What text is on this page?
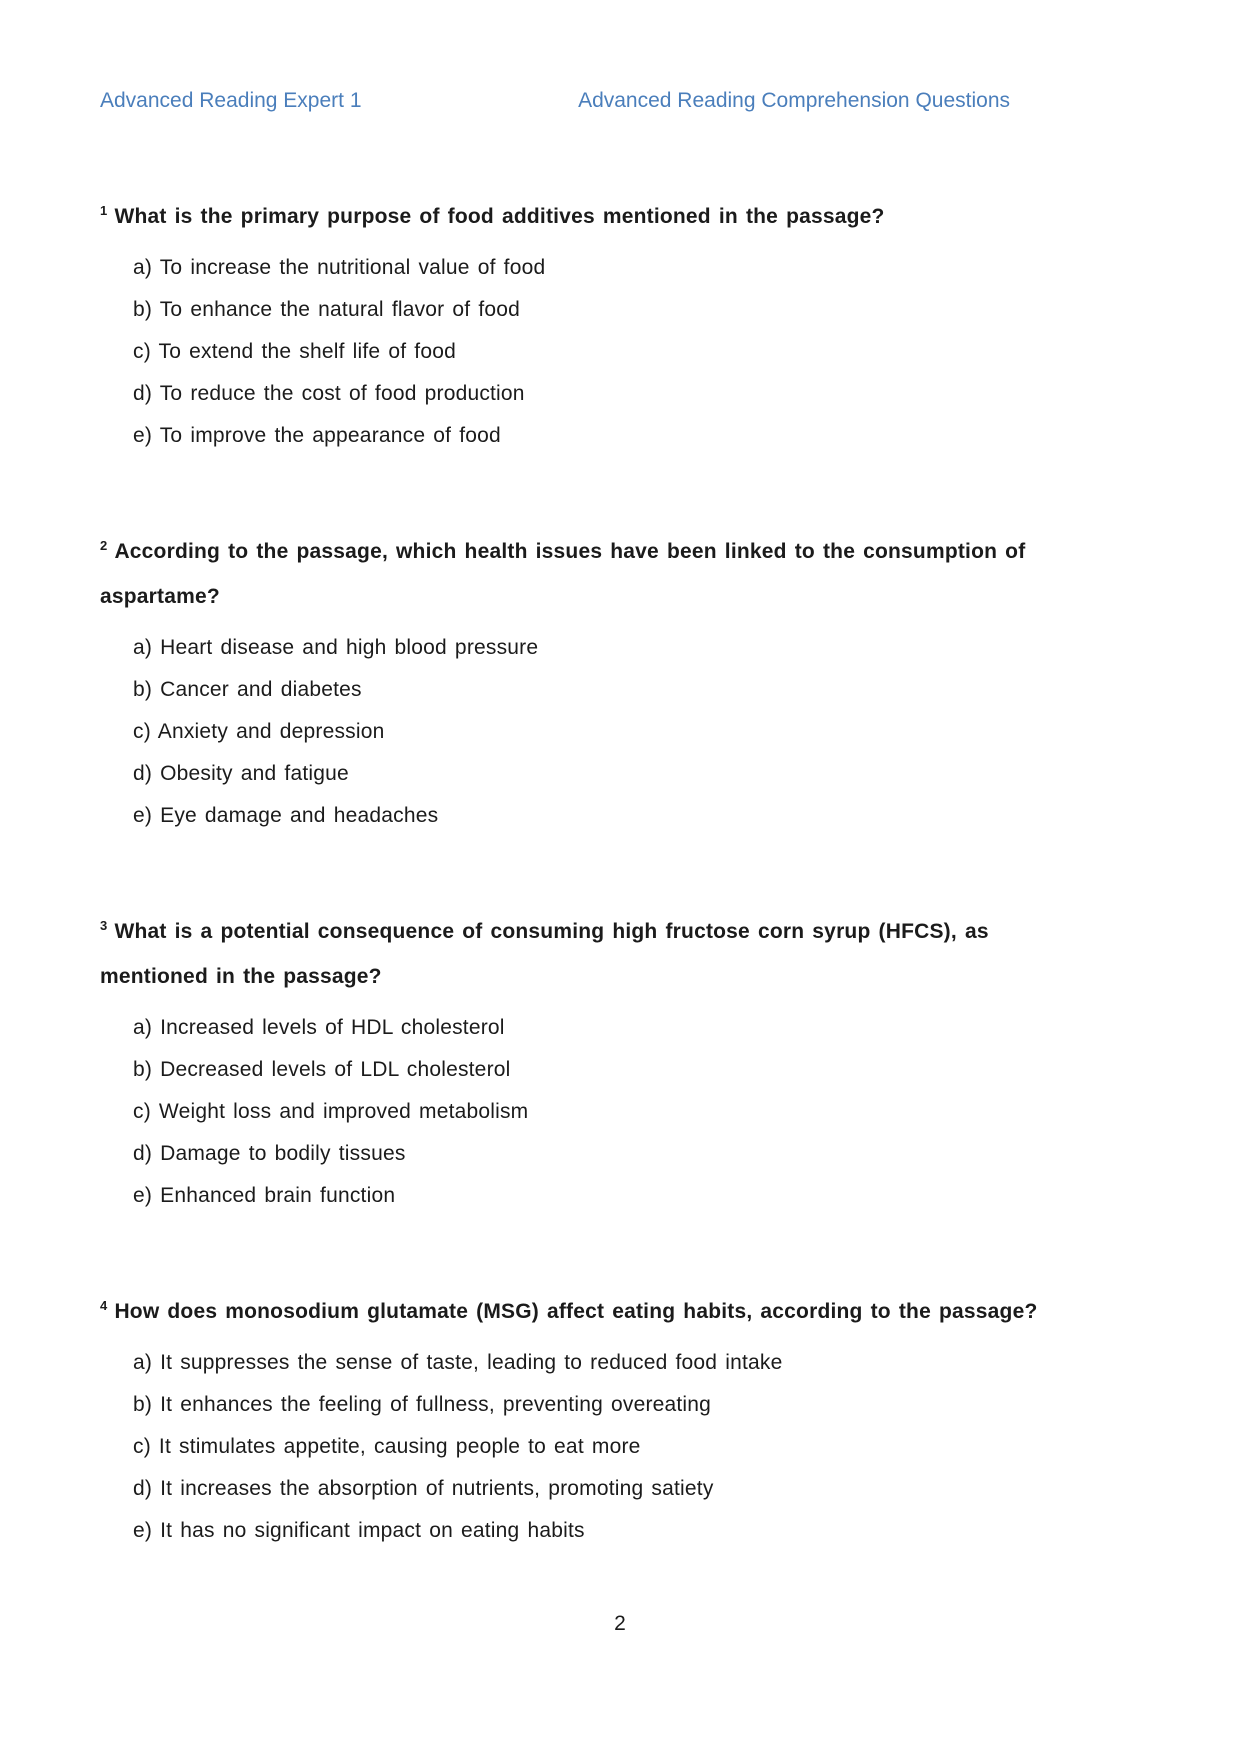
Advanced Reading Expert 1	Advanced Reading Comprehension Questions

$^1$ What is the primary purpose of food additives mentioned in the passage?

a) To increase the nutritional value of food
b) To enhance the natural flavor of food
c) To extend the shelf life of food
d) To reduce the cost of food production
e) To improve the appearance of food

$^2$ According to the passage, which health issues have been linked to the consumption of
aspartame?

a) Heart disease and high blood pressure
b) Cancer and diabetes
c) Anxiety and depression
d) Obesity and fatigue
e) Eye damage and headaches

$^3$ What is a potential consequence of consuming high fructose corn syrup (HFCS), as
mentioned in the passage?

a) Increased levels of HDL cholesterol
b) Decreased levels of LDL cholesterol
c) Weight loss and improved metabolism
d) Damage to bodily tissues
e) Enhanced brain function

$^4$ How does monosodium glutamate (MSG) affect eating habits, according to the passage?

a) It suppresses the sense of taste, leading to reduced food intake
b) It enhances the feeling of fullness, preventing overeating
c) It stimulates appetite, causing people to eat more
d) It increases the absorption of nutrients, promoting satiety
e) It has no significant impact on eating habits
2
